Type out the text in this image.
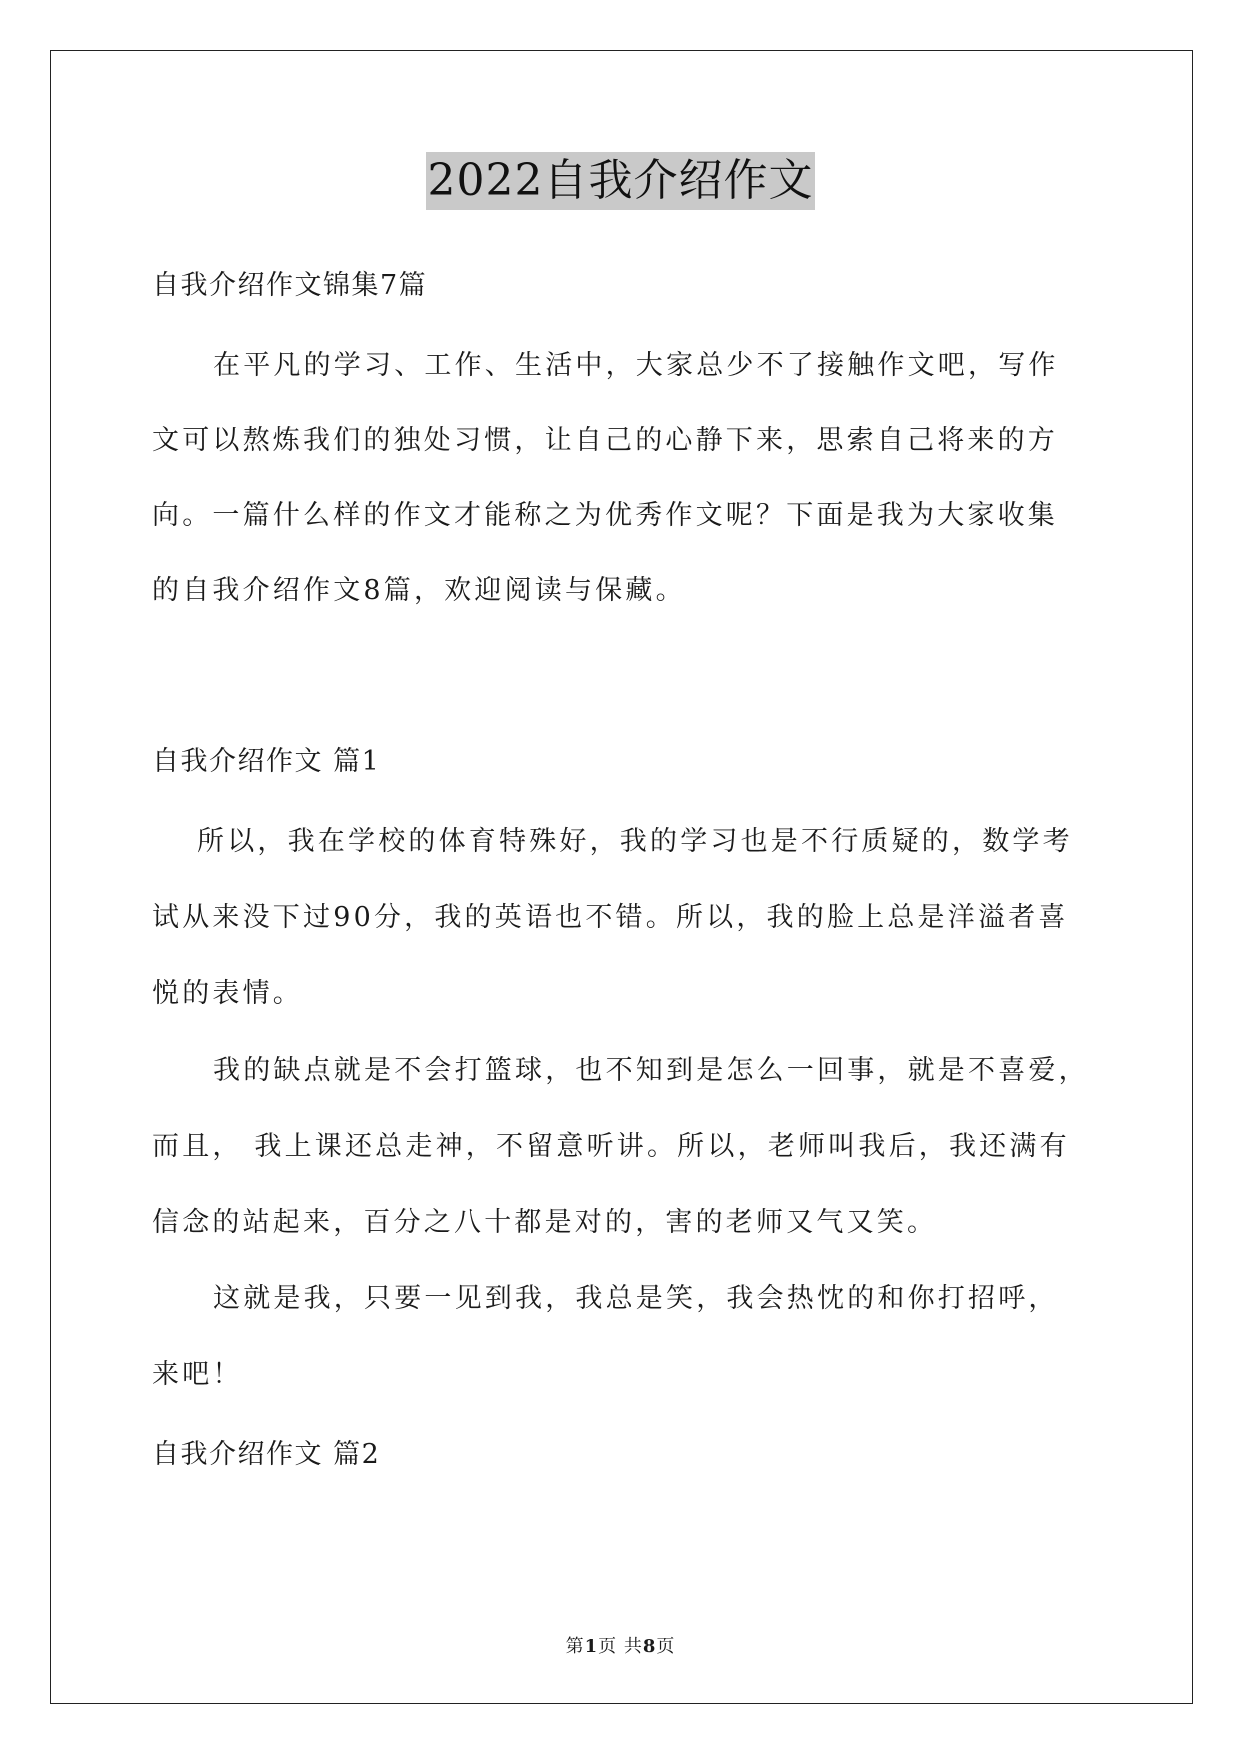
2022自我介绍作文
自我介绍作文锦集7篇
在平凡的学习、工作、生活中，大家总少不了接触作文吧，写作
文可以熬炼我们的独处习惯，让自己的心静下来，思索自己将来的方
向。一篇什么样的作文才能称之为优秀作文呢？下面是我为大家收集
的自我介绍作文8篇，欢迎阅读与保藏。
自我介绍作文 篇1
所以，我在学校的体育特殊好，我的学习也是不行质疑的，数学考
试从来没下过90分，我的英语也不错。所以，我的脸上总是洋溢者喜
悦的表情。
我的缺点就是不会打篮球，也不知到是怎么一回事，就是不喜爱，
而且， 我上课还总走神，不留意听讲。所以，老师叫我后，我还满有
信念的站起来，百分之八十都是对的，害的老师又气又笑。
这就是我，只要一见到我，我总是笑，我会热忱的和你打招呼，
来吧！
自我介绍作文 篇2
第1页 共8页
